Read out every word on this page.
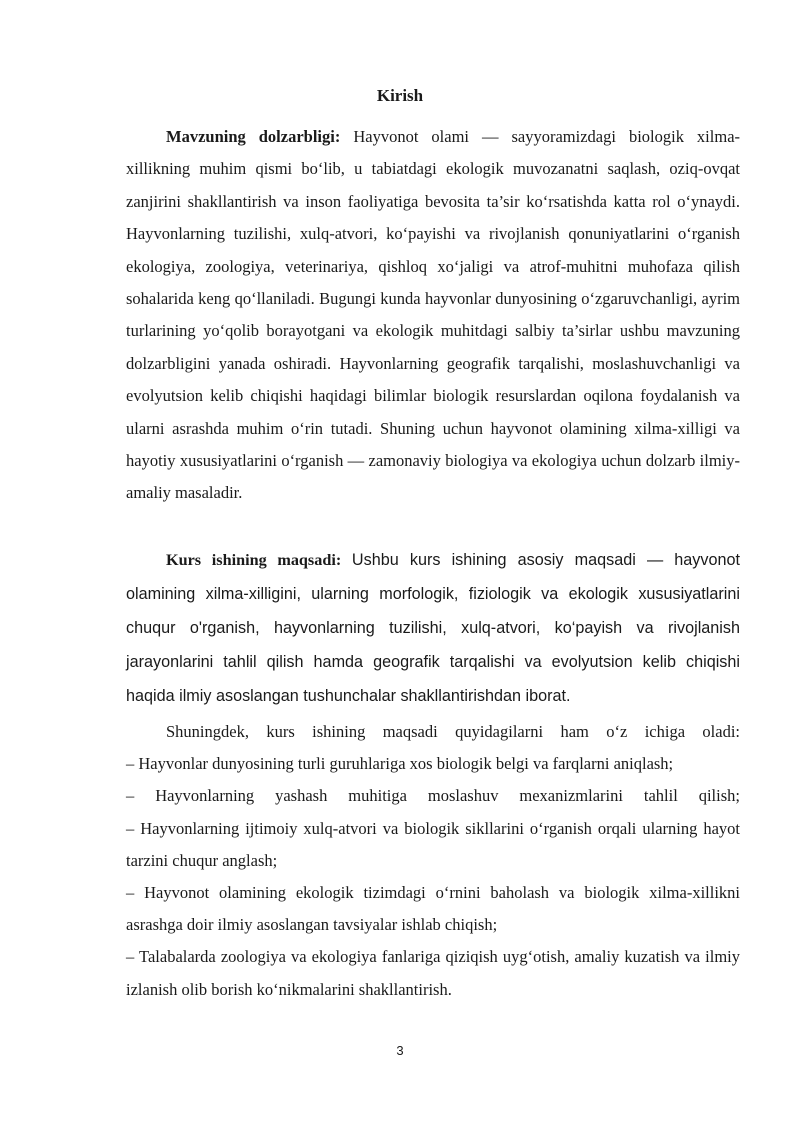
Kirish

Mavzuning dolzarbligi: Hayvonot olami — sayyoramizdagi biologik xilma-xillikning muhim qismi bo‘lib, u tabiatdagi ekologik muvozanatni saqlash, oziq-ovqat zanjirini shakllantirish va inson faoliyatiga bevosita ta’sir ko‘rsatishda katta rol o‘ynaydi. Hayvonlarning tuzilishi, xulq-atvori, ko‘payishi va rivojlanish qonuniyatlarini o‘rganish ekologiya, zoologiya, veterinariya, qishloq xo‘jaligi va atrof-muhitni muhofaza qilish sohalarida keng qo‘llaniladi. Bugungi kunda hayvonlar dunyosining o‘zgaruvchanligi, ayrim turlarining yo‘qolib borayotgani va ekologik muhitdagi salbiy ta’sirlar ushbu mavzuning dolzarbligini yanada oshiradi. Hayvonlarning geografik tarqalishi, moslashuvchanligi va evolyutsion kelib chiqishi haqidagi bilimlar biologik resurslardan oqilona foydalanish va ularni asrashda muhim o‘rin tutadi. Shuning uchun hayvonot olamining xilma-xilligi va hayotiy xususiyatlarini o‘rganish — zamonaviy biologiya va ekologiya uchun dolzarb ilmiy-amaliy masaladir.

Kurs ishining maqsadi: Ushbu kurs ishining asosiy maqsadi — hayvonot olamining xilma-xilligini, ularning morfologik, fiziologik va ekologik xususiyatlarini chuqur o'rganish, hayvonlarning tuzilishi, xulq-atvori, ko‘payish va rivojlanish jarayonlarini tahlil qilish hamda geografik tarqalishi va evolyutsion kelib chiqishi haqida ilmiy asoslangan tushunchalar shakllantirishdan iborat.

Shuningdek, kurs ishining maqsadi quyidagilarni ham o‘z ichiga oladi:
– Hayvonlar dunyosining turli guruhlariga xos biologik belgi va farqlarni aniqlash;
– Hayvonlarning yashash muhitiga moslashuv mexanizmlarini tahlil qilish;
– Hayvonlarning ijtimoiy xulq-atvori va biologik sikllarini o‘rganish orqali ularning hayot tarzini chuqur anglash;
– Hayvonot olamining ekologik tizimdagi o‘rnini baholash va biologik xilma-xillikni asrashga doir ilmiy asoslangan tavsiyalar ishlab chiqish;
– Talabalarda zoologiya va ekologiya fanlariga qiziqish uyg‘otish, amaliy kuzatish va ilmiy izlanish olib borish ko‘nikmalarini shakllantirish.
3
